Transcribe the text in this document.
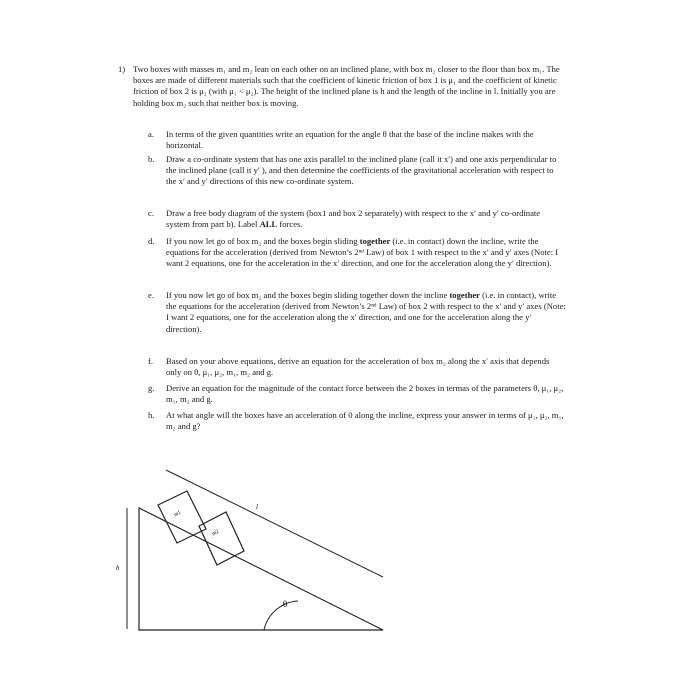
1) Two boxes with masses m₁ and m₂ lean on each other on an inclined plane, with box m₂ closer to the floor than box m₁. The boxes are made of different materials such that the coefficient of kinetic friction of box 1 is μ₁ and the coefficient of kinetic friction of box 2 is μ₂ (with μ₁ < μ₂). The height of the inclined plane is h and the length of the incline in l. Initially you are holding box m₂ such that neither box is moving.

a. In terms of the given quantities write an equation for the angle θ that the base of the incline makes with the horizontal.
b. Draw a co-ordinate system that has one axis parallel to the inclined plane (call it x′) and one axis perpendicular to the inclined plane (call it y′ ), and then determine the coefficients of the gravitational acceleration with respect to the x′ and y′ directions of this new co-ordinate system.
c. Draw a free body diagram of the system (box1 and box 2 separately) with respect to the x′ and y′ co-ordinate system from part b). Label ALL forces.
d. If you now let go of box m₂ and the boxes begin sliding together (i.e. in contact) down the incline, write the equations for the acceleration (derived from Newton’s 2ⁿᵈ Law) of box 1 with respect to the x′ and y′ axes (Note: I want 2 equations, one for the acceleration in the x′ direction, and one for the acceleration along the y′ direction).
e. If you now let go of box m₂ and the boxes begin sliding together down the incline together (i.e. in contact), write the equations for the acceleration (derived from Newton’s 2ⁿᵈ Law) of box 2 with respect to the x′ and y′ axes (Note: I want 2 equations, one for the acceleration along the x′ direction, and one for the acceleration along the y′ direction).
f. Based on your above equations, derive an equation for the acceleration of box m₂ along the x′ axis that depends only on θ, μ₁, μ₂, m₁, m₂ and g.
g. Derive an equation for the magnitude of the contact force between the 2 boxes in termas of the parameters θ, μ₁, μ₂, m₁, m₂ and g.
h. At what angle will the boxes have an acceleration of 0 along the incline, express your answer in terms of μ₁, μ₂, m₁, m₂ and g?
m1
m2
l
h
θ
